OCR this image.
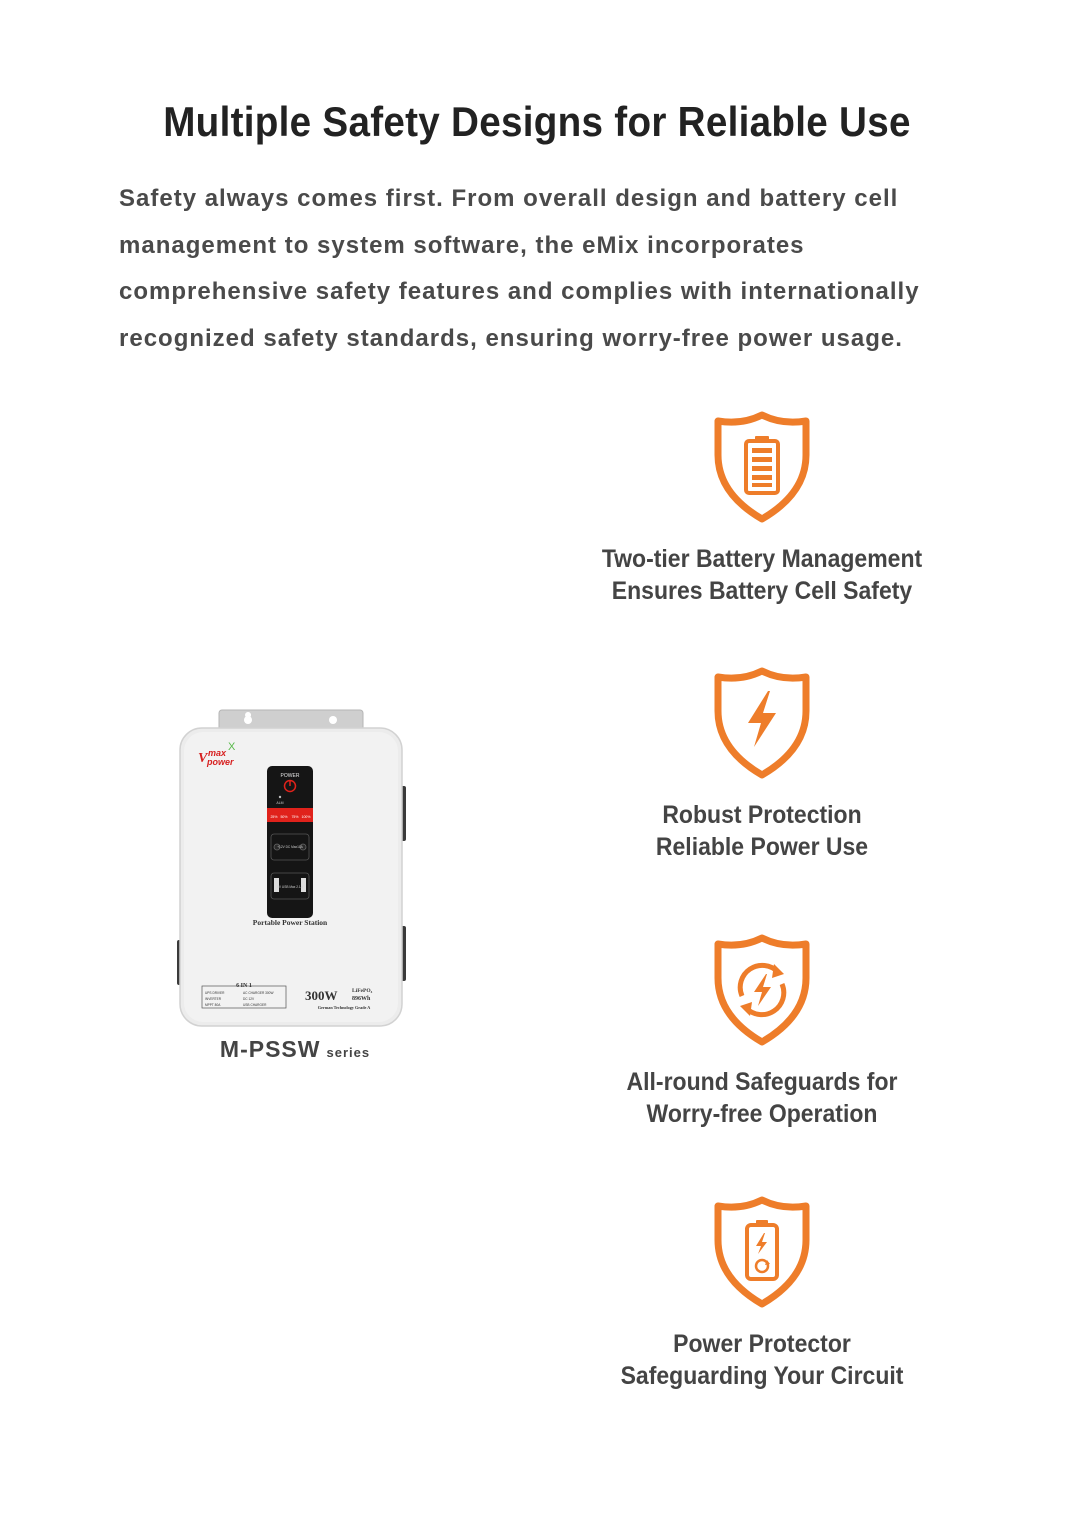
Multiple Safety Designs for Reliable Use
Safety always comes first. From overall design and battery cell management to system software, the eMix incorporates comprehensive safety features and complies with internationally recognized safety standards, ensuring worry-free power usage.
V max
power
X
POWER
ALM
25% 50% 75% 100%
+12V DC Max10A
5V USB Max 2.1A
Portable Power Station
6 IN 1
UPS DRIVER	AC CHARGER 300W
INVERTER	DC 12V
MPPT 80A	USB CHARGER
300W	LiFePO₄
896Wh
German Technology Grade A
M-PSSW series
Two-tier Battery Management
Ensures Battery Cell Safety
Robust Protection
Reliable Power Use
All-round Safeguards for
Worry-free Operation
Power Protector
Safeguarding Your Circuit
